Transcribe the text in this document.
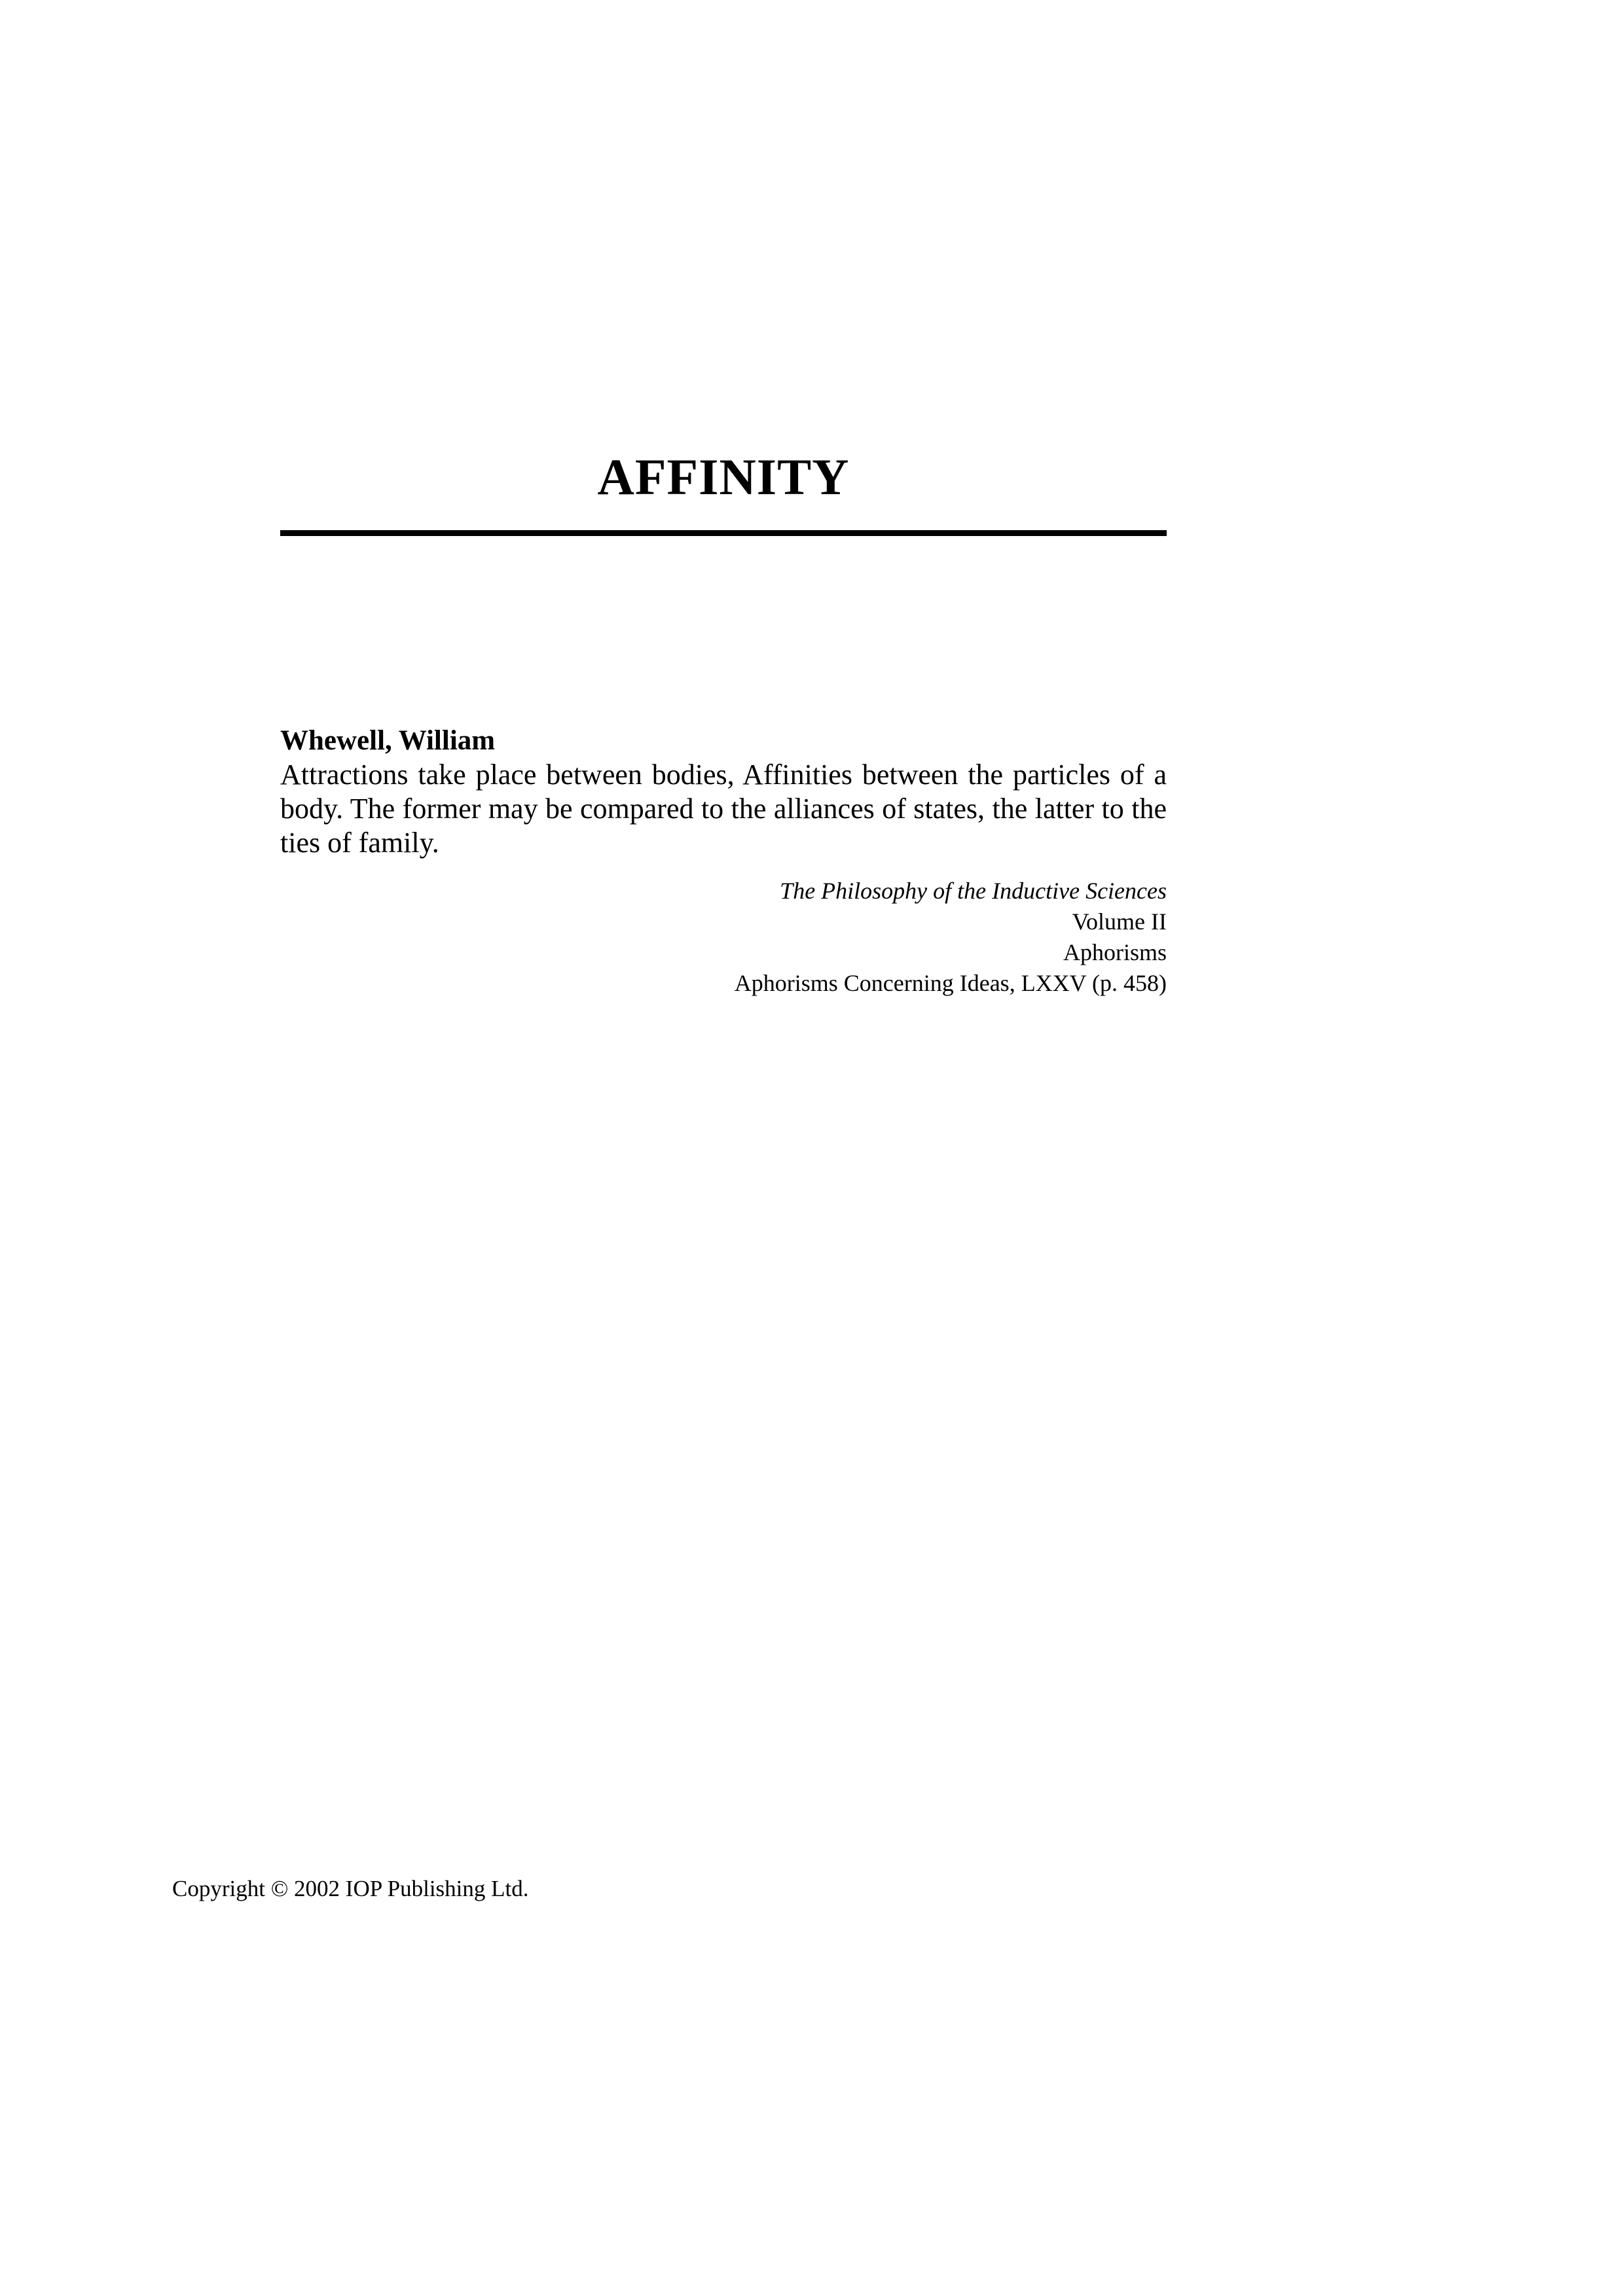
AFFINITY

Whewell, William

Attractions take place between bodies, Affinities between the particles of a body. The former may be compared to the alliances of states, the latter to the ties of family.

The Philosophy of the Inductive Sciences
Volume II
Aphorisms
Aphorisms Concerning Ideas, LXXV (p. 458)

Copyright © 2002 IOP Publishing Ltd.
